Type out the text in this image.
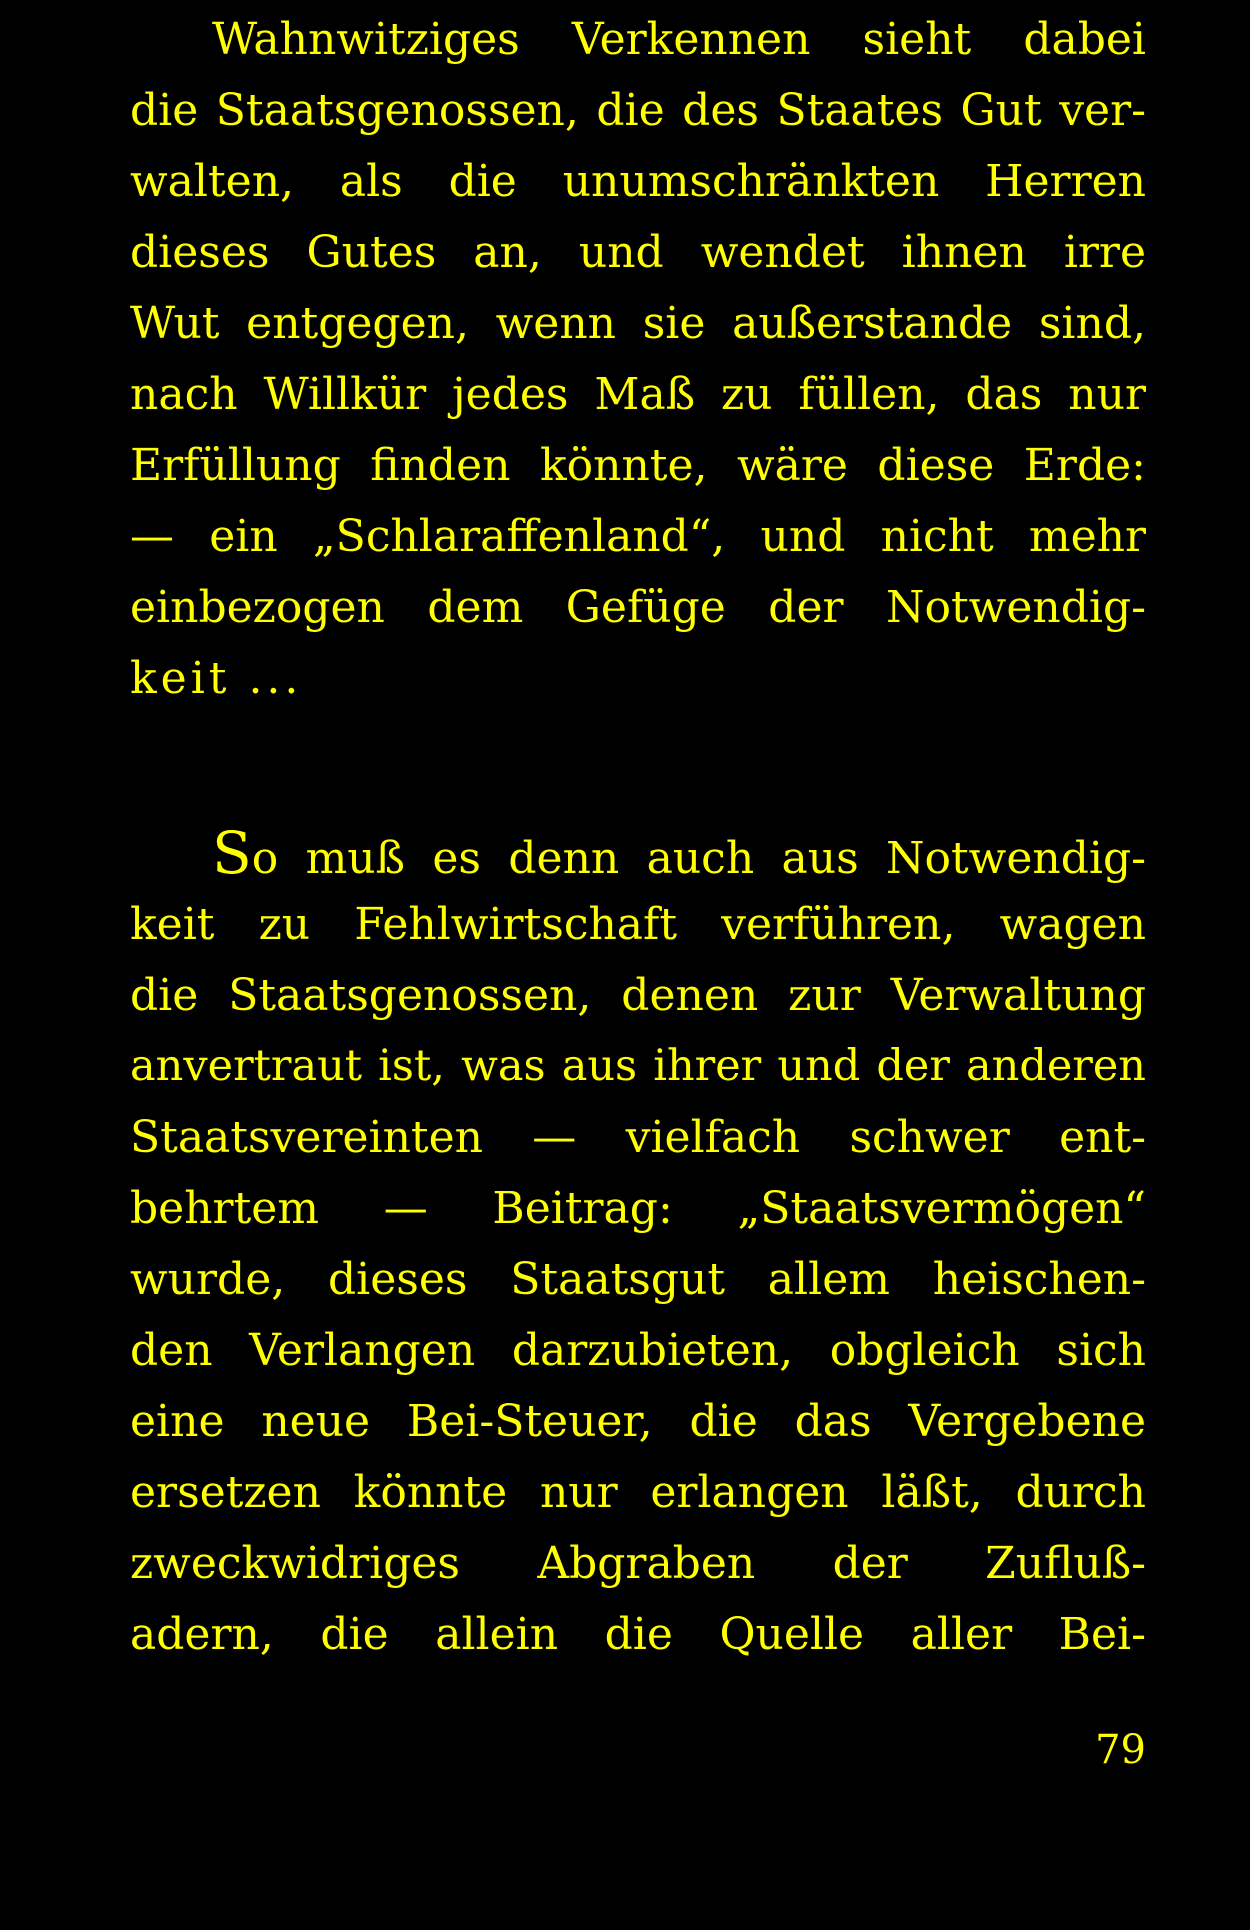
Wahnwitziges Verkennen sieht dabei
die Staatsgenossen, die des Staates Gut ver-
walten, als die unumschränkten Herren
dieses Gutes an, und wendet ihnen irre
Wut entgegen, wenn sie außerstande sind,
nach Willkür jedes Maß zu füllen, das nur
Erfüllung finden könnte, wäre diese Erde:
— ein „Schlaraffenland“, und nicht mehr
einbezogen dem Gefüge der Notwendig-
keit ...
So muß es denn auch aus Notwendig-
keit zu Fehlwirtschaft verführen, wagen
die Staatsgenossen, denen zur Verwaltung
anvertraut ist, was aus ihrer und der anderen
Staatsvereinten — vielfach schwer ent-
behrtem — Beitrag: „Staatsvermögen“
wurde, dieses Staatsgut allem heischen-
den Verlangen darzubieten, obgleich sich
eine neue Bei-Steuer, die das Vergebene
ersetzen könnte nur erlangen läßt, durch
zweckwidriges Abgraben der Zufluß-
adern, die allein die Quelle aller Bei-
79
